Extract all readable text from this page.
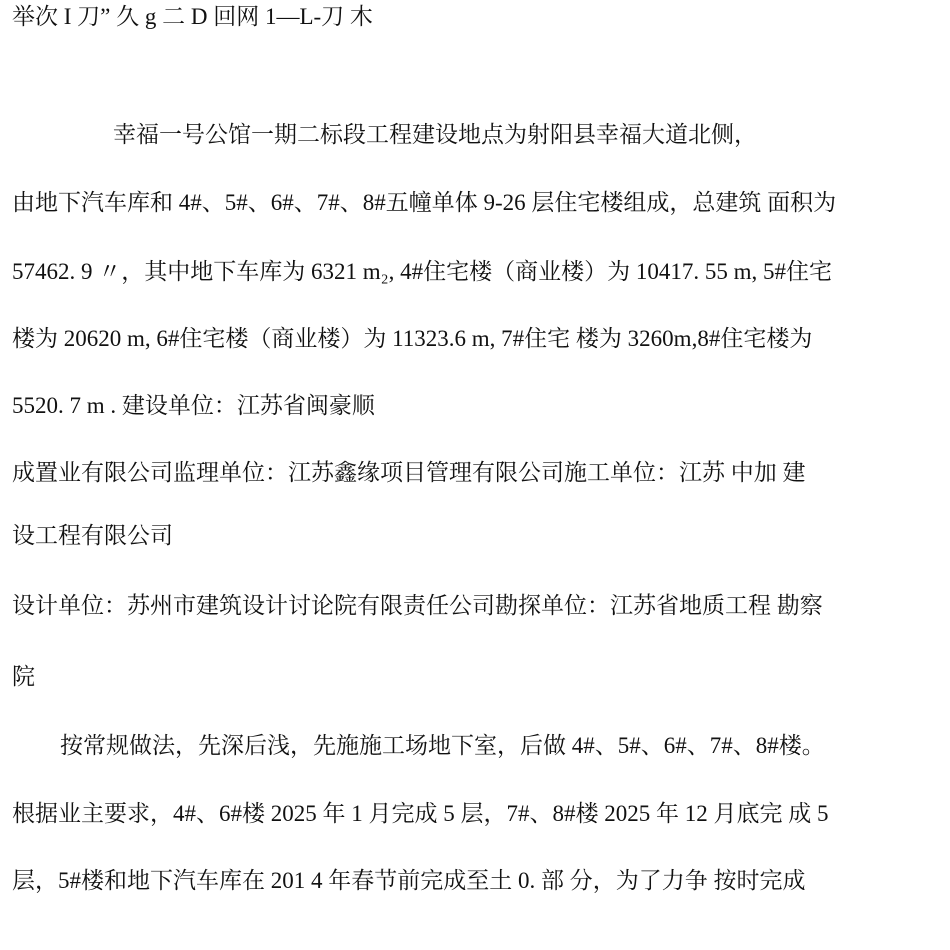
举次 I 刀” 久 g 二 D 回网 1—L-刀 木
幸福一号公馆一期二标段工程建设地点为射阳县幸福大道北侧，
由地下汽车库和 4#、5#、6#、7#、8#五幢单体 9-26 层住宅楼组成，总建筑 面积为
57462. 9 〃，其中地下车库为 6321 m₂, 4#住宅楼（商业楼）为 10417. 55 m, 5#住宅
楼为 20620 m, 6#住宅楼（商业楼）为 11323.6 m, 7#住宅 楼为 3260m,8#住宅楼为
5520. 7 m . 建设单位：江苏省闽豪顺
成置业有限公司监理单位：江苏鑫缘项目管理有限公司施工单位：江苏 中加 建
设工程有限公司
设计单位：苏州市建筑设计讨论院有限责任公司勘探单位：江苏省地质工程 勘察
院
按常规做法，先深后浅，先施施工场地下室，后做 4#、5#、6#、7#、8#楼。
根据业主要求，4#、6#楼 2025 年 1 月完成 5 层，7#、8#楼 2025 年 12 月底完 成 5
层，5#楼和地下汽车库在 201 4 年春节前完成至土 0. 部 分，为了力争 按时完成
